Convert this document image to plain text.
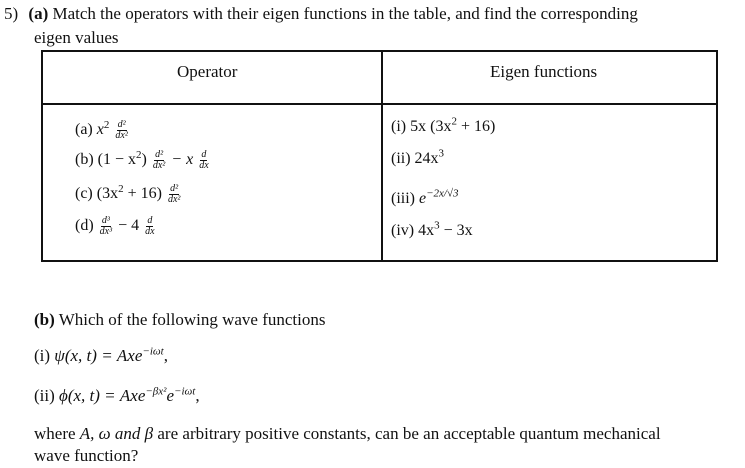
5) (a) Match the operators with their eigen functions in the table, and find the corresponding
eigen values
Operator	Eigen functions
(a) $x^2 \frac{\text{d²}}{\text{dx²}}$
(b) $(1 - x^2) \frac{\text{d²}}{\text{dx²}} - x \frac{d}{dx}$
(c) $(3x^2 + 16) \frac{\text{d²}}{\text{dx²}}$
$(d) \frac{\text{d³}}{\text{dx³}} - 4 \frac{d}{dx}$
(i) 5x $(3x^2 + 16)$
(ii) $24x^3$
(iii) $e^{-2x/√3}$
(iv) $4x^3 - 3x$
(b) Which of the following wave functions
(i) ψ(x, t) = Axe$^{-i\omega t}$,
(ii) ϕ(x, $t) = Axe^{-\beta x^2}e^{-i\omega t}$,
where A, ω and β are arbitrary positive constants, can be an acceptable quantum mechanical
wave function?
